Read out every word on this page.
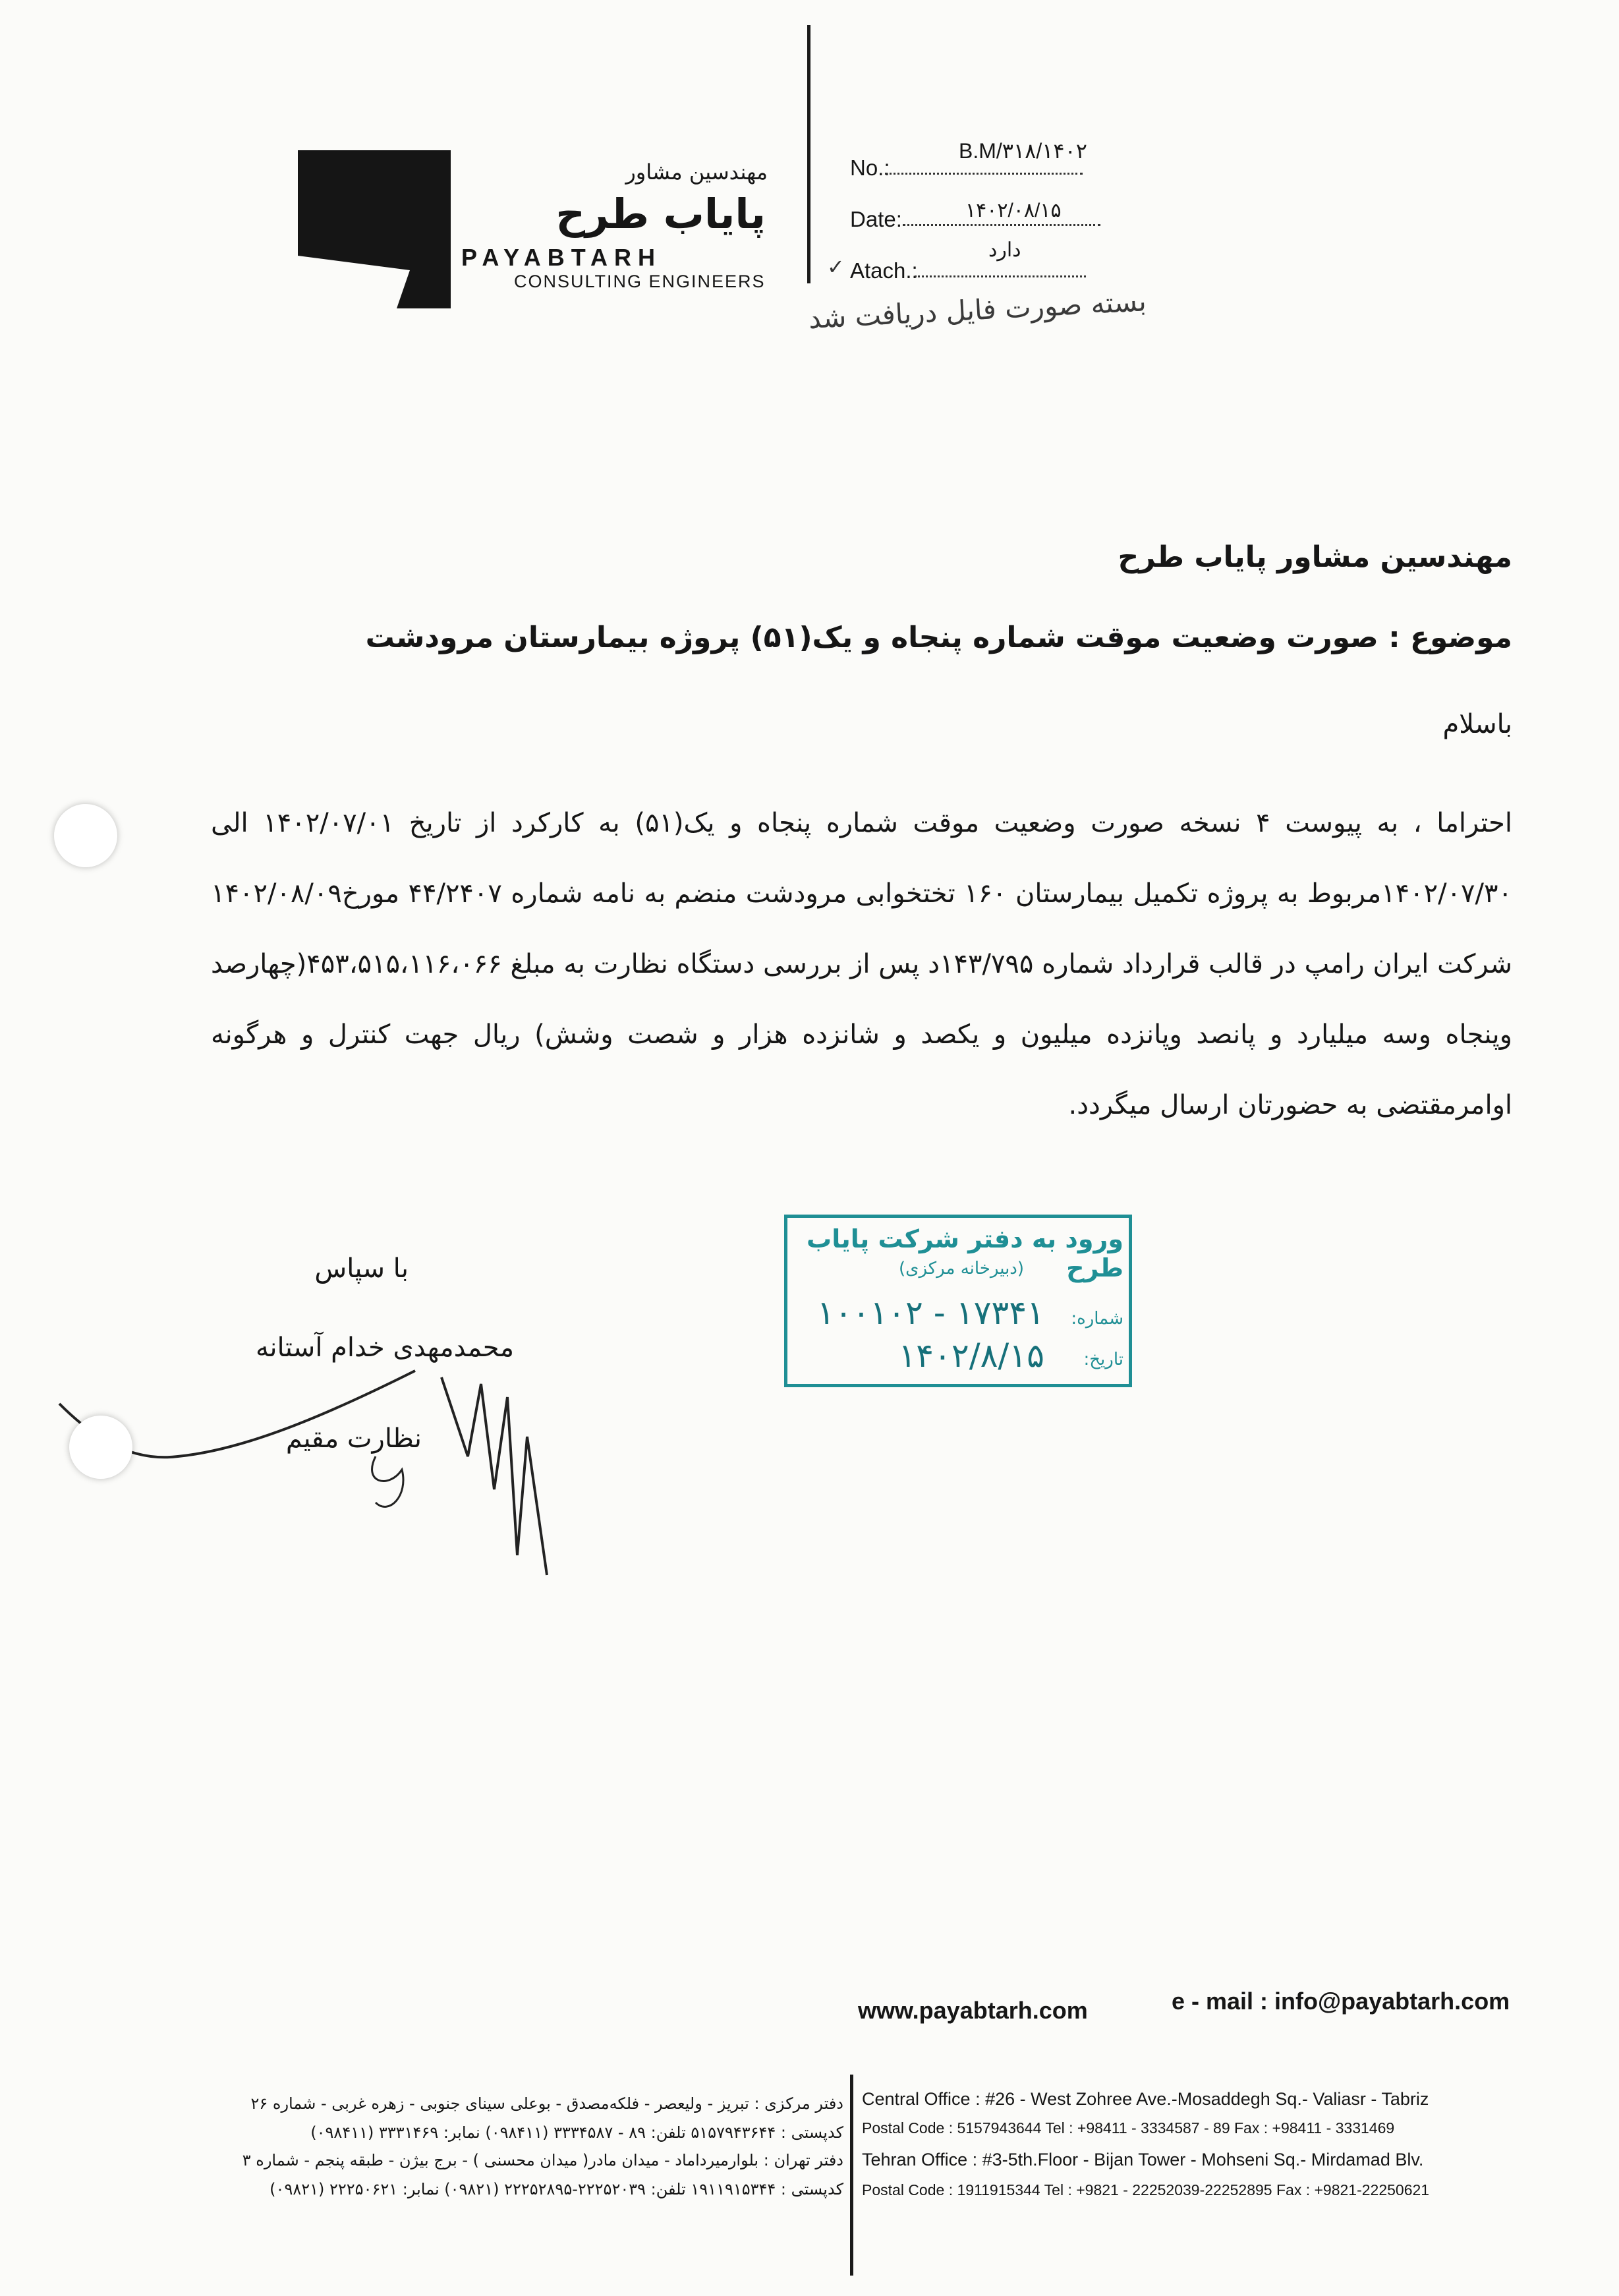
مهندسین مشاور
پایاب طرح
PAYABTARH
CONSULTING ENGINEERS
No.:
B.M/۳۱۸/۱۴۰۲
Date:	۱۴۰۲/۰۸/۱۵
✓ Atach.:
دارد
بسته صورت فایل دریافت شد
مهندسین مشاور پایاب طرح
موضوع : صورت وضعیت موقت شماره پنجاه و یک(۵۱) پروژه بیمارستان مرودشت
باسلام
احتراما ، به پیوست ۴ نسخه صورت وضعیت موقت شماره پنجاه و یک(۵۱) به کارکرد از تاریخ ۱۴۰۲/۰۷/۰۱ الی ۱۴۰۲/۰۷/۳۰مربوط به پروژه تکمیل بیمارستان ۱۶۰ تختخوابی مرودشت منضم به نامه شماره ۴۴/۲۴۰۷ مورخ۱۴۰۲/۰۸/۰۹ شرکت ایران رامپ در قالب قرارداد شماره ۱۴۳/۷۹۵د پس از بررسی دستگاه نظارت به مبلغ ۴۵۳،۵۱۵،۱۱۶،۰۶۶(چهارصد وپنجاه وسه میلیارد و پانصد وپانزده میلیون و یکصد و شانزده هزار و شصت وشش) ریال جهت کنترل و هرگونه اوامرمقتضی به حضورتان ارسال میگردد.
با سپاس
محمدمهدی خدام آستانه
نظارت مقیم
ورود به دفتر شرکت پایاب طرح
(دبیرخانه مرکزی)
شماره:
۱۰۰۱۰۲ - ۱۷۳۴۱
تاریخ:
۱۴۰۲/۸/۱۵
www.payabtarh.com	e - mail : info@payabtarh.com
Central Office : #26 - West Zohree Ave.-Mosaddegh Sq.- Valiasr - Tabriz
Postal Code : 5157943644 Tel : +98411 - 3334587 - 89 Fax : +98411 - 3331469
Tehran Office : #3-5th.Floor - Bijan Tower - Mohseni Sq.- Mirdamad Blv.
Postal Code : 1911915344 Tel : +9821 - 22252039-22252895 Fax : +9821-22250621
دفتر مرکزی : تبریز - ولیعصر - فلکه‌مصدق - بوعلی سینای جنوبی - زهره غربی - شماره ۲۶
کدپستی : ۵۱۵۷۹۴۳۶۴۴ تلفن: ۸۹ - ۳۳۳۴۵۸۷ (۰۹۸۴۱۱) نمابر: ۳۳۳۱۴۶۹ (۰۹۸۴۱۱)
دفتر تهران : بلوارمیرداماد - میدان مادر( میدان محسنی ) - برج بیژن - طبقه پنجم - شماره ۳
کدپستی : ۱۹۱۱۹۱۵۳۴۴ تلفن: ۲۲۲۵۲۰۳۹-۲۲۲۵۲۸۹۵ (۰۹۸۲۱) نمابر: ۲۲۲۵۰۶۲۱ (۰۹۸۲۱)
